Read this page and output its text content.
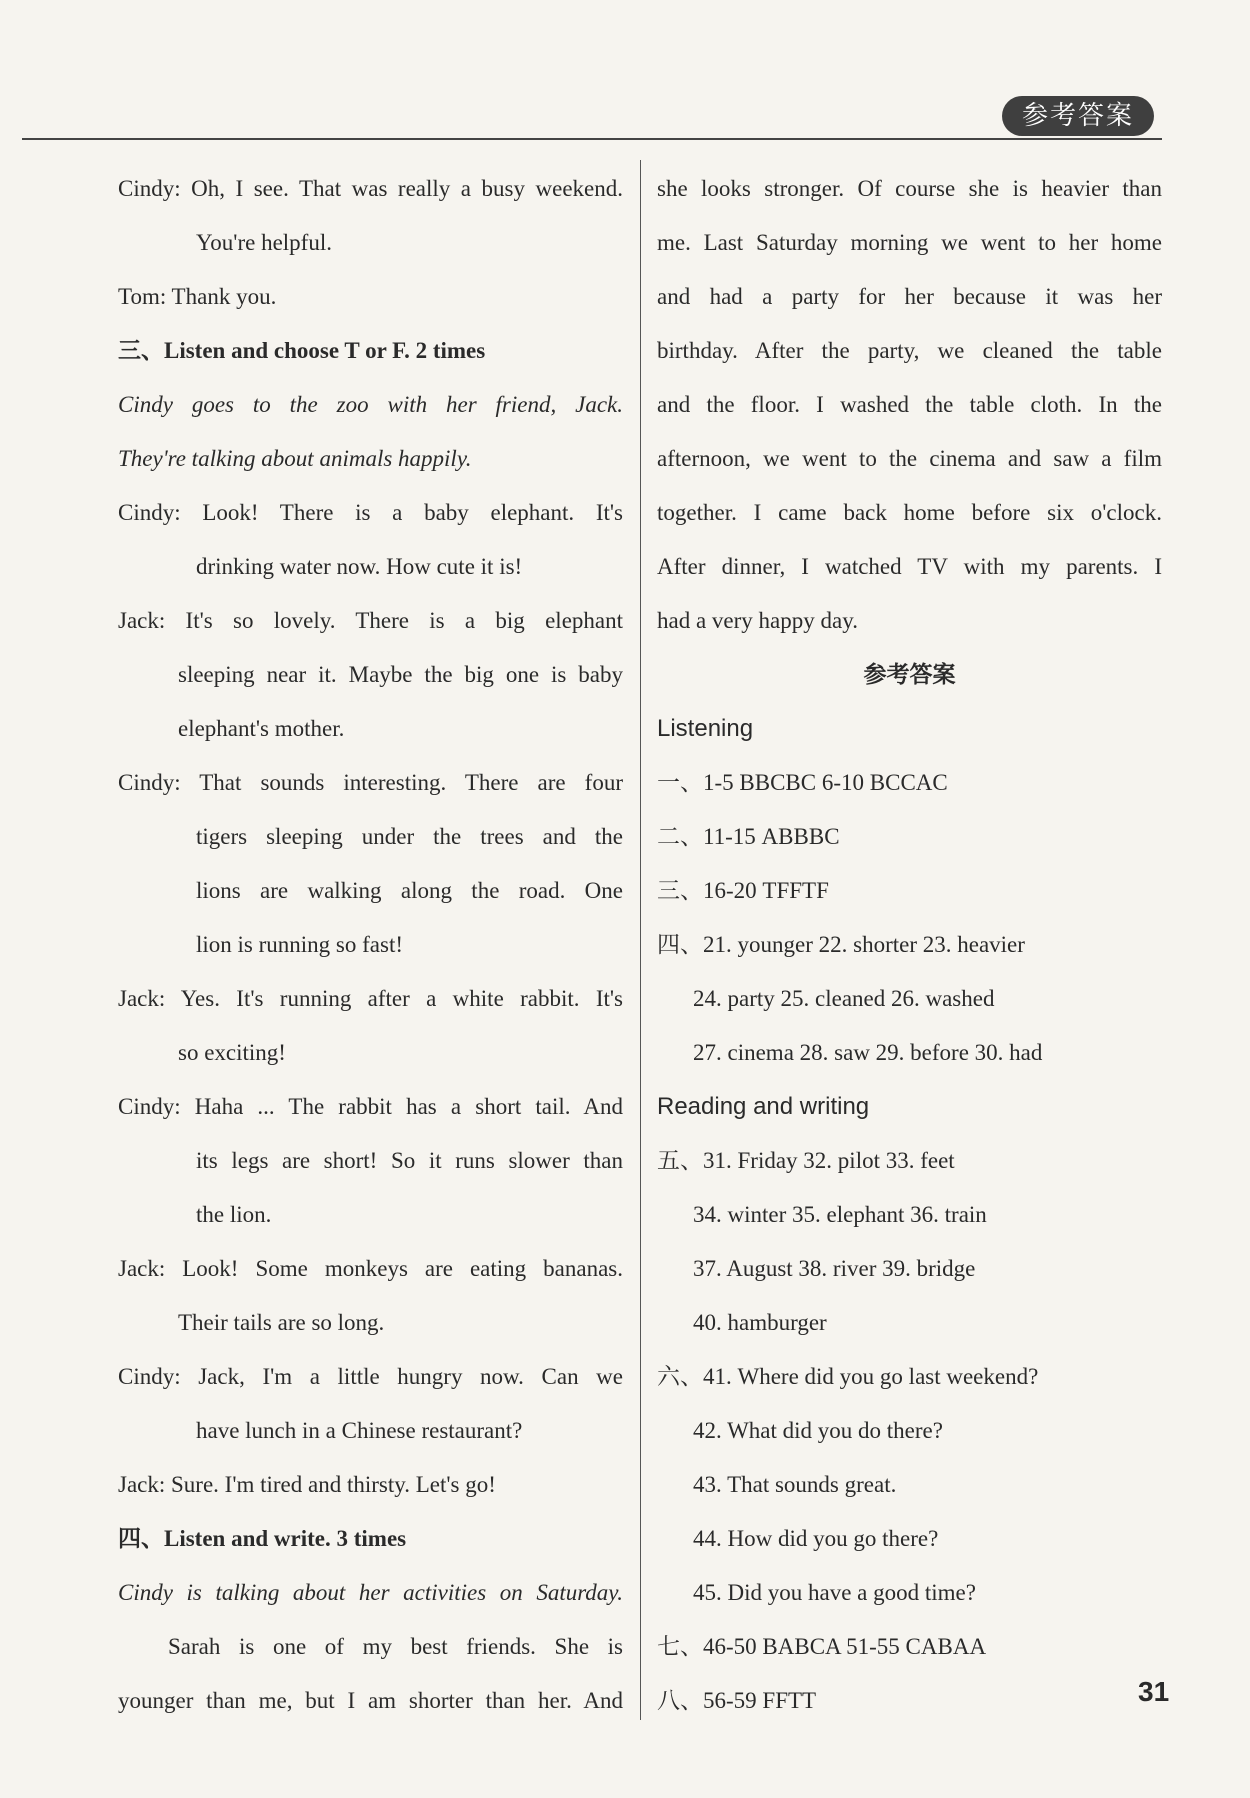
参考答案
Cindy: Oh, I see. That was really a busy weekend.
You're helpful.
Tom: Thank you.
三、Listen and choose T or F. 2 times
Cindy goes to the zoo with her friend, Jack.
They're talking about animals happily.
Cindy: Look! There is a baby elephant. It's
drinking water now. How cute it is!
Jack: It's so lovely. There is a big elephant
sleeping near it. Maybe the big one is baby
elephant's mother.
Cindy: That sounds interesting. There are four
tigers sleeping under the trees and the
lions are walking along the road. One
lion is running so fast!
Jack: Yes. It's running after a white rabbit. It's
so exciting!
Cindy: Haha ... The rabbit has a short tail. And
its legs are short! So it runs slower than
the lion.
Jack: Look! Some monkeys are eating bananas.
Their tails are so long.
Cindy: Jack, I'm a little hungry now. Can we
have lunch in a Chinese restaurant?
Jack: Sure. I'm tired and thirsty. Let's go!
四、Listen and write. 3 times
Cindy is talking about her activities on Saturday.
Sarah is one of my best friends. She is
younger than me, but I am shorter than her. And
she looks stronger. Of course she is heavier than
me. Last Saturday morning we went to her home
and had a party for her because it was her
birthday. After the party, we cleaned the table
and the floor. I washed the table cloth. In the
afternoon, we went to the cinema and saw a film
together. I came back home before six o'clock.
After dinner, I watched TV with my parents. I
had a very happy day.
参考答案
Listening
一、1-5 BBCBC 6-10 BCCAC
二、11-15 ABBBC
三、16-20 TFFTF
四、21. younger 22. shorter 23. heavier
24. party 25. cleaned 26. washed
27. cinema 28. saw 29. before 30. had
Reading and writing
五、31. Friday 32. pilot 33. feet
34. winter 35. elephant 36. train
37. August 38. river 39. bridge
40. hamburger
六、41. Where did you go last weekend?
42. What did you do there?
43. That sounds great.
44. How did you go there?
45. Did you have a good time?
七、46-50 BABCA 51-55 CABAA
八、56-59 FFTT	31
